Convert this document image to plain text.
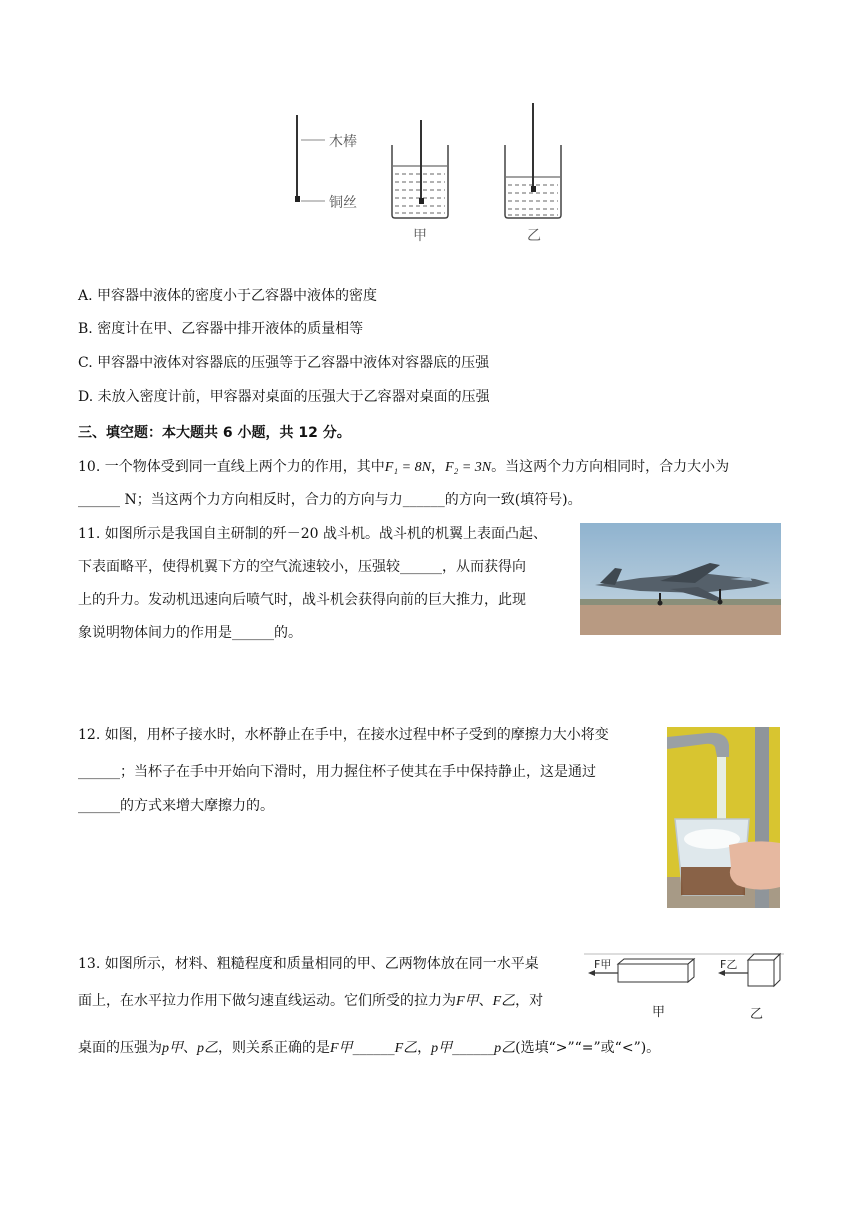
木棒
铜丝
甲	乙
A. 甲容器中液体的密度小于乙容器中液体的密度
B. 密度计在甲、乙容器中排开液体的质量相等
C. 甲容器中液体对容器底的压强等于乙容器中液体对容器底的压强
D. 未放入密度计前，甲容器对桌面的压强大于乙容器对桌面的压强
三、填空题：本大题共 6 小题，共 12 分。
10. 一个物体受到同一直线上两个力的作用，其中F₁ = 8N，F₂ = 3N。当这两个力方向相同时，合力大小为
______ N；当这两个力方向相反时，合力的方向与力______的方向一致(填符号)。
11. 如图所示是我国自主研制的歼－20 战斗机。战斗机的机翼上表面凸起、
下表面略平，使得机翼下方的空气流速较小，压强较______，从而获得向
上的升力。发动机迅速向后喷气时，战斗机会获得向前的巨大推力，此现
象说明物体间力的作用是______的。
12. 如图，用杯子接水时，水杯静止在手中，在接水过程中杯子受到的摩擦力大小将变
______；当杯子在手中开始向下滑时，用力握住杯子使其在手中保持静止，这是通过
______的方式来增大摩擦力的。
13. 如图所示，材料、粗糙程度和质量相同的甲、乙两物体放在同一水平桌
面上，在水平拉力作用下做匀速直线运动。它们所受的拉力为F甲、F乙，对
桌面的压强为p甲、p乙，则关系正确的是F甲______F乙，p甲______p乙(选填“>”“=”或“<”)。
F甲	F乙
甲	乙
